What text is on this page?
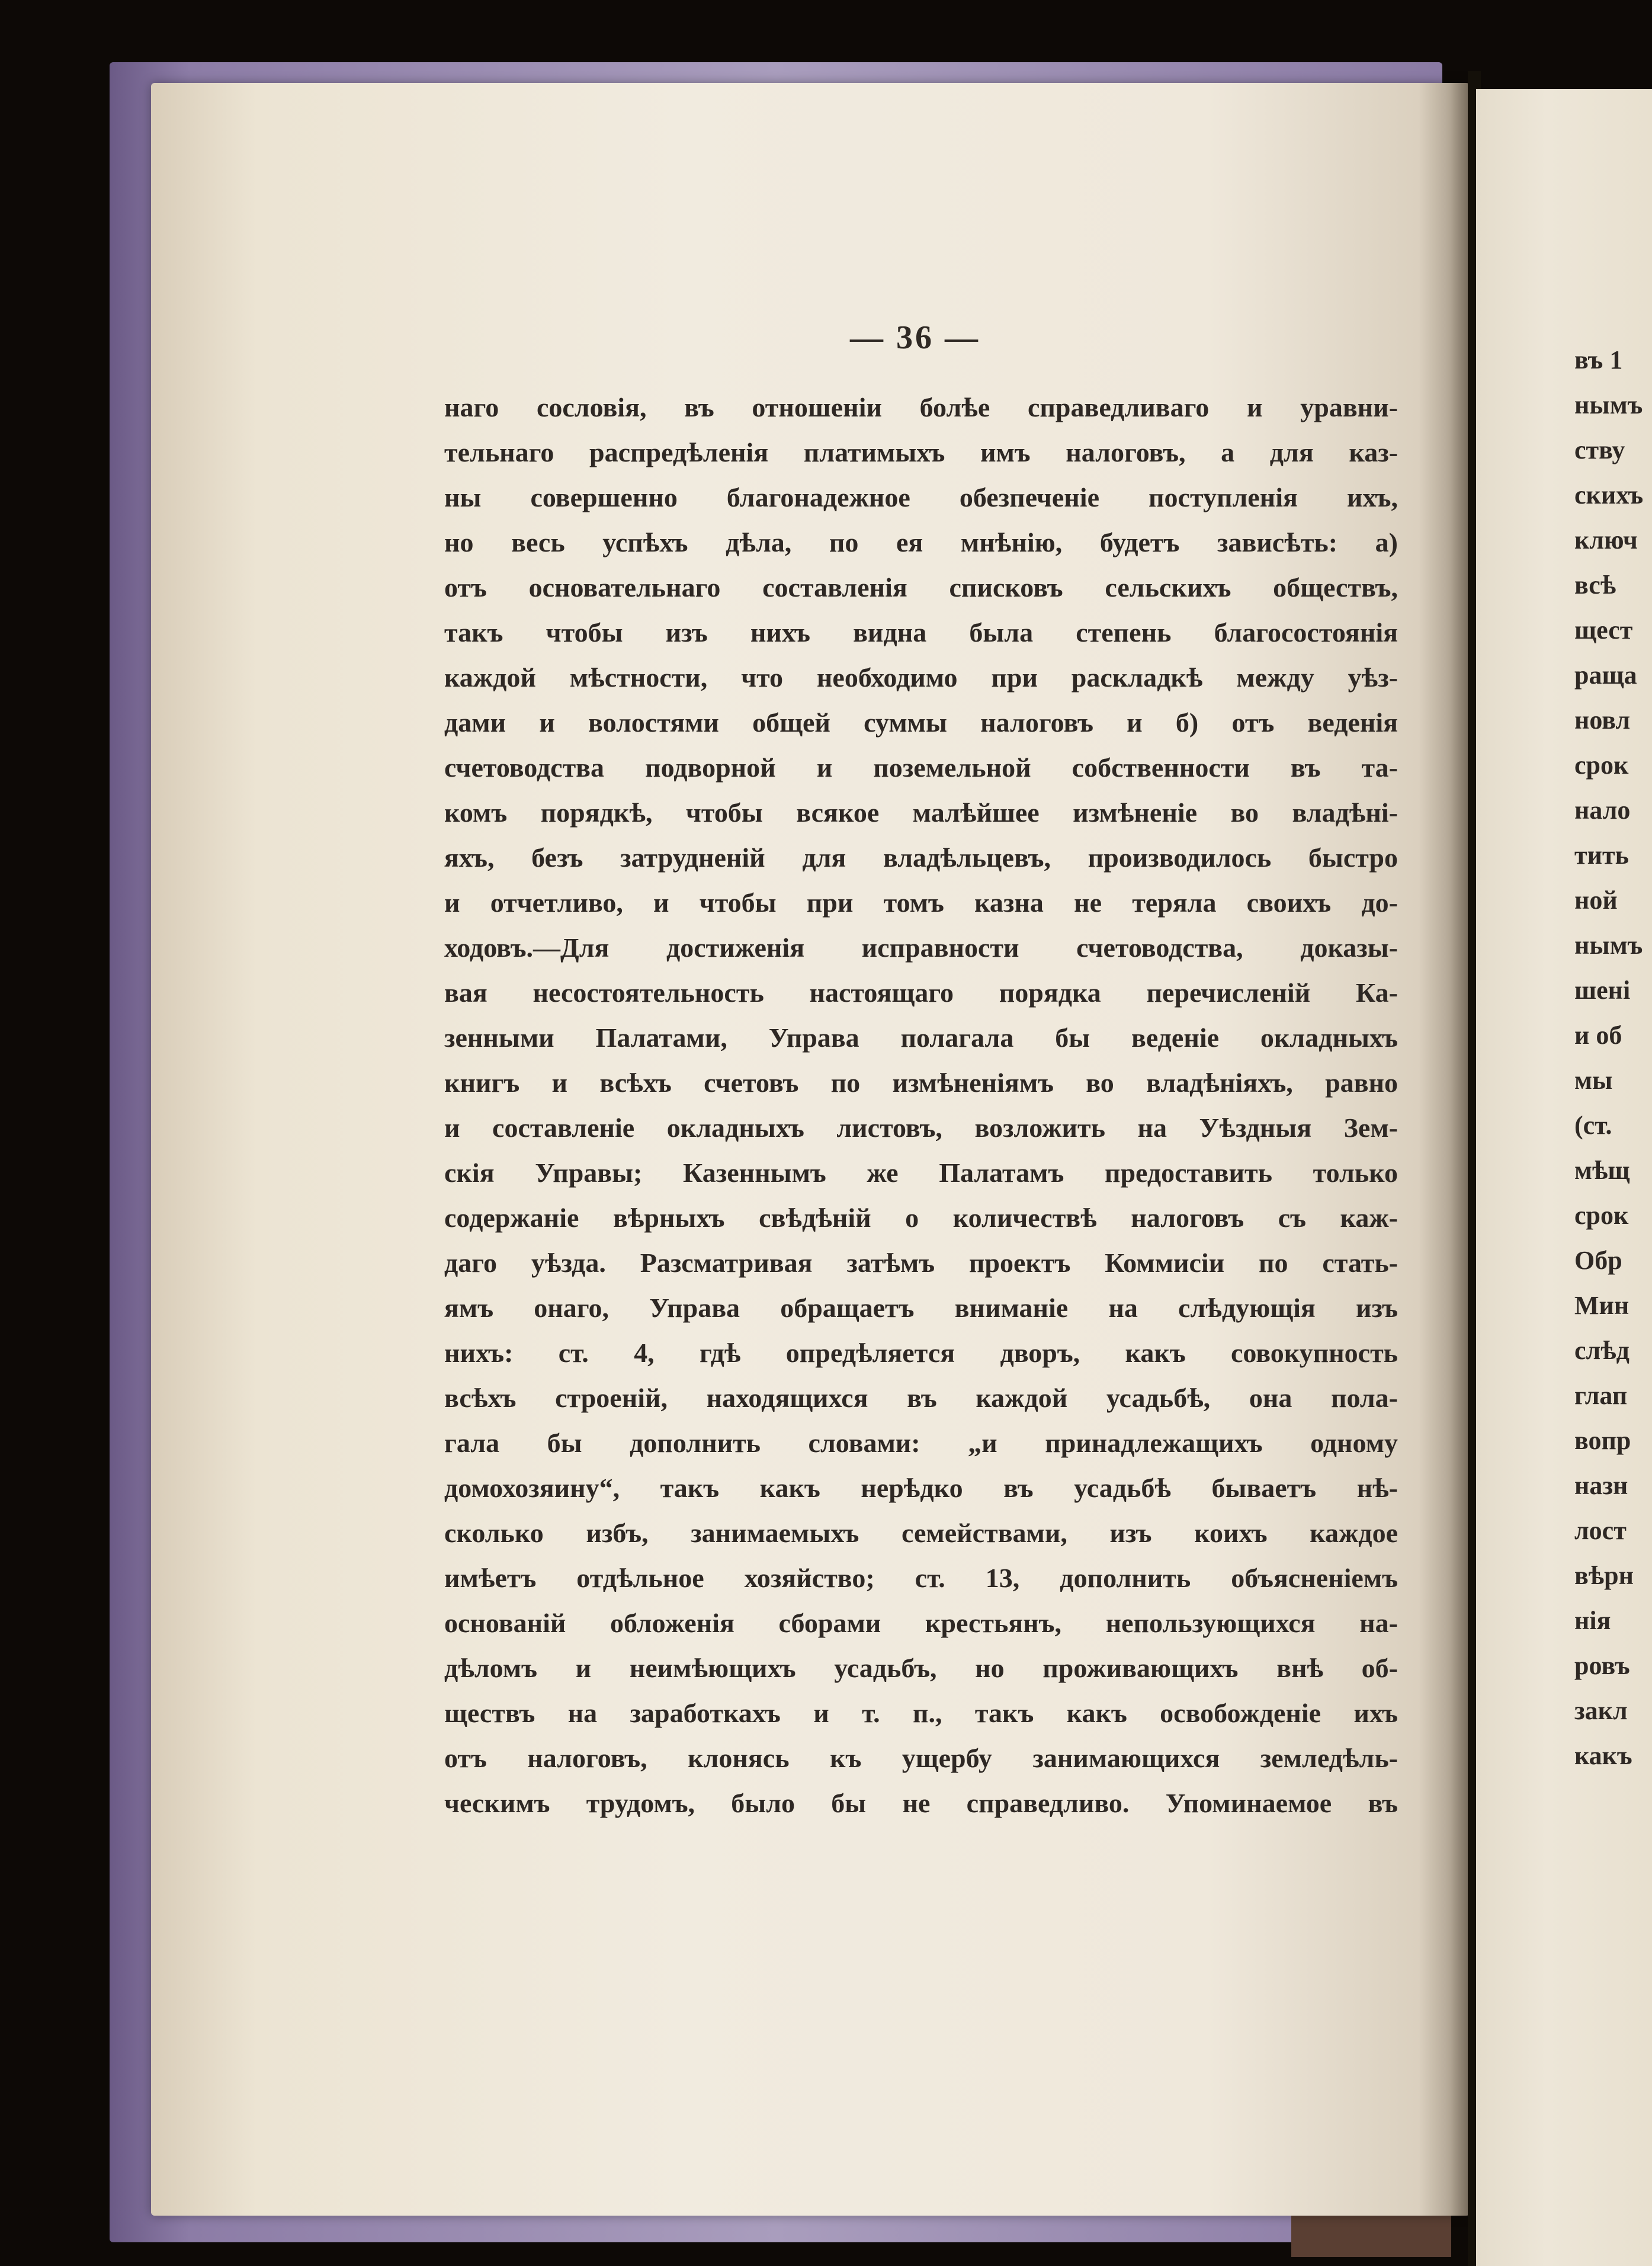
— 36 —
наго сословія, въ отношеніи болѣе справедливаго и уравни-
тельнаго распредѣленія платимыхъ имъ налоговъ, а для каз-
ны совершенно благонадежное обезпеченіе поступленія ихъ,
но весь успѣхъ дѣла, по ея мнѣнію, будетъ зависѣть: а)
отъ основательнаго составленія списковъ сельскихъ обществъ,
такъ чтобы изъ нихъ видна была степень благосостоянія
каждой мѣстности, что необходимо при раскладкѣ между уѣз-
дами и волостями общей суммы налоговъ и б) отъ веденія
счетоводства подворной и поземельной собственности въ та-
комъ порядкѣ, чтобы всякое малѣйшее измѣненіе во владѣні-
яхъ, безъ затрудненій для владѣльцевъ, производилось быстро
и отчетливо, и чтобы при томъ казна не теряла своихъ до-
ходовъ.—Для достиженія исправности счетоводства, доказы-
вая несостоятельность настоящаго порядка перечисленій Ка-
зенными Палатами, Управа полагала бы веденіе окладныхъ
книгъ и всѣхъ счетовъ по измѣненіямъ во владѣніяхъ, равно
и составленіе окладныхъ листовъ, возложить на Уѣздныя Зем-
скія Управы; Казеннымъ же Палатамъ предоставить только
содержаніе вѣрныхъ свѣдѣній о количествѣ налоговъ съ каж-
даго уѣзда. Разсматривая затѣмъ проектъ Коммисіи по стать-
ямъ онаго, Управа обращаетъ вниманіе на слѣдующія изъ
нихъ: ст. 4, гдѣ опредѣляется дворъ, какъ совокупность
всѣхъ строеній, находящихся въ каждой усадьбѣ, она пола-
гала бы дополнить словами: „и принадлежащихъ одному
домохозяину“, такъ какъ нерѣдко въ усадьбѣ бываетъ нѣ-
сколько избъ, занимаемыхъ семействами, изъ коихъ каждое
имѣетъ отдѣльное хозяйство; ст. 13, дополнить объясненіемъ
основаній обложенія сборами крестьянъ, непользующихся на-
дѣломъ и неимѣющихъ усадьбъ, но проживающихъ внѣ об-
ществъ на заработкахъ и т. п., такъ какъ освобожденіе ихъ
отъ налоговъ, клонясь къ ущербу занимающихся земледѣль-
ческимъ трудомъ, было бы не справедливо. Упоминаемое въ
въ 1
нымъ
ству
скихъ
ключ
всѣ
щест
раща
новл
срок
нало
тить
ной
нымъ
шені
и об
мы
(ст.
мѣщ
срок
Обр
Мин
слѣд
глап
вопр
назн
лост
вѣрн
нія
ровъ
закл
какъ
